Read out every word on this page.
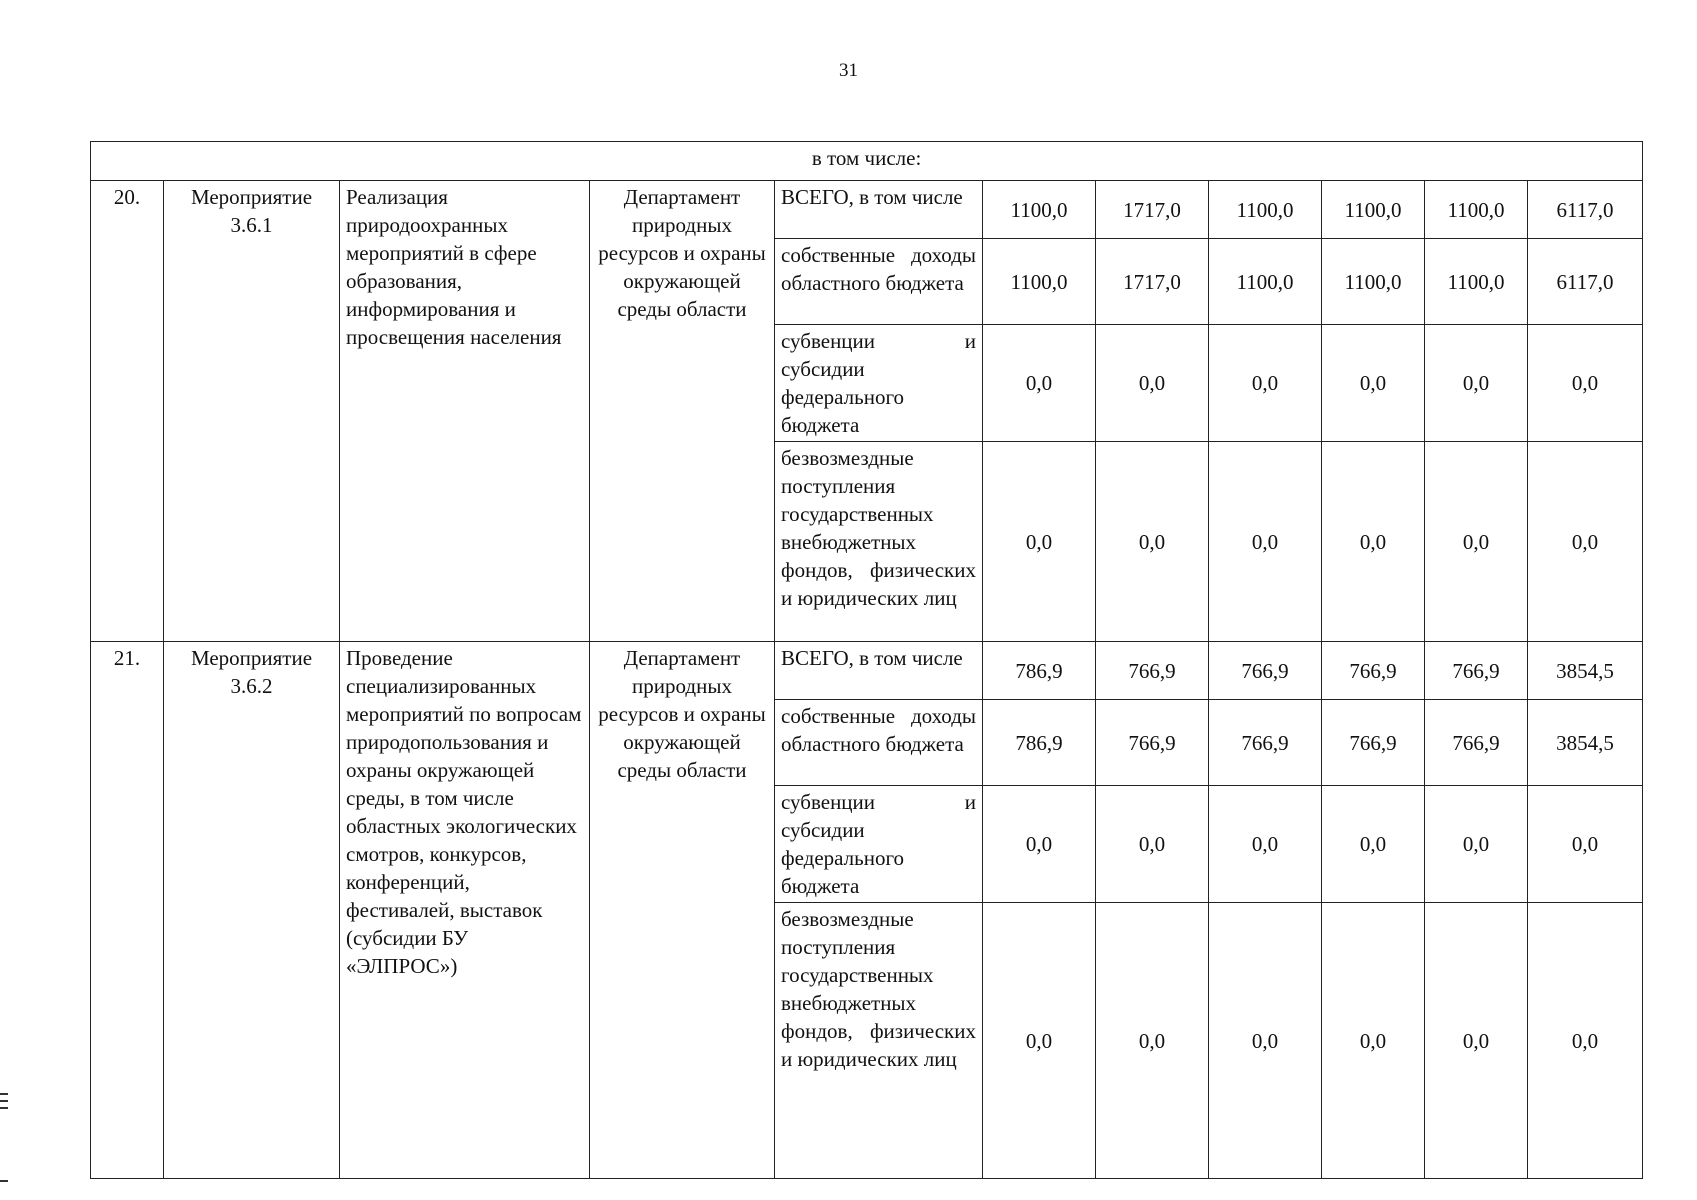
31
в том числе:										
20.	Мероприятие 3.6.1	Реализация природоохранных мероприятий в сфере образования, информирования и просвещения населения	Департамент природных ресурсов и охраны окружающей среды области	ВСЕГО, в том числе	1100,0	1717,0	1100,0	1100,0	1100,0	6117,0
				собственные доходы областного бюджета	1100,0	1717,0	1100,0	1100,0	1100,0	6117,0
				субвенции и субсидии федерального бюджета	0,0	0,0	0,0	0,0	0,0	0,0
				безвозмездные поступления государственных внебюджетных фондов, физических и юридических лиц	0,0	0,0	0,0	0,0	0,0	0,0
21.	Мероприятие 3.6.2	Проведение специализированных мероприятий по вопросам природопользования и охраны окружающей среды, в том числе областных экологических смотров, конкурсов, конференций, фестивалей, выставок (субсидии БУ «ЭЛПРОС»)	Департамент природных ресурсов и охраны окружающей среды области	ВСЕГО, в том числе	786,9	766,9	766,9	766,9	766,9	3854,5
				собственные доходы областного бюджета	786,9	766,9	766,9	766,9	766,9	3854,5
				субвенции и субсидии федерального бюджета	0,0	0,0	0,0	0,0	0,0	0,0
				безвозмездные поступления государственных внебюджетных фондов, физических и юридических лиц	0,0	0,0	0,0	0,0	0,0	0,0
